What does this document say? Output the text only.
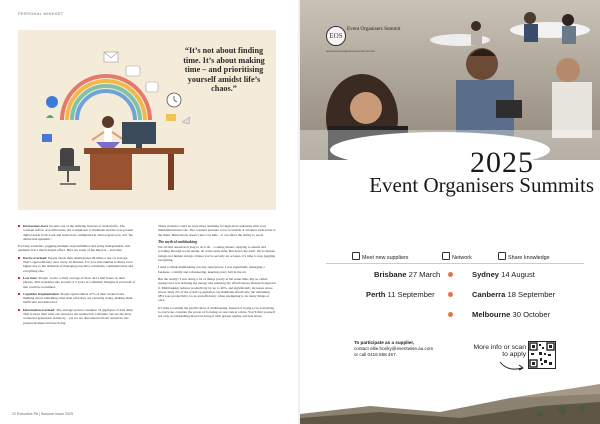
PERSONAL MINDSET
“It’s not about finding time. It’s about making time – and prioritising yourself amidst life’s chaos.”

Distractions have become one of the defining features of modern life. The constant inflow of notifications, the compulsion to multitask and the ever-present digital needs from work and home have culminated in what experts now call ‘the distraction epidemic’.

For busy assistants, juggling multiple responsibilities and being indispensable, this epidemic has a much deeper effect. Here are some of the impacts – and stats:

Device overload: People check their smartphones 96 times a day on average. That’s approximately once every 10 minutes. For you, this number is likely even higher due to the demands of managing executive schedules, communication and everything else.
Lost time: People ‘waste’ a daily average of three and a half hours on their phones. This translates into around 11.5 years in a lifetime! Imagine if even half of that could be reclaimed.
Cognitive fragmentation: People spend almost 47% of their awake hours thinking about something other than what they are currently doing, making them inefficient and distracted.
Information overload: The average person consumes 74 gigabytes of data daily. That is more than what our ancestors encountered in a lifetime. We are the most connected generation in history – yet we are disconnected from ourselves, the present moment and true living.

These statistics could be even more alarming for high-level assistants with your multidimensional role. The constant pressure to be accessible at all times adds stress to the mind. Distractions doesn’t just cost time – it can affect the ability to excel.

The myth of multitasking

We all find ourselves trying to do it all – cooking dinner, replying to emails and scrolling through social media, all at the same time. But here’s the truth. We’re human beings, not human doings. Unless you’re secretly an octopus, it’s time to stop juggling everything.

I used to think multitasking was my superpower. I was supermum; managing a business, a family and volunteering, keeping every ball in the air.

But the reality? I was doing a lot of things poorly at the same time. My so-called superpower was draining my energy and reducing my effectiveness. Research supports it. Multitasking reduces productivity by up to 40%, and significantly increases stress levels. Only 2% of the world’s population can multitask effectively; the remaining 98% lose productivity, focus and efficiency when attempting to do many things at once.

It’s time to rethink the glorification of multitasking. Instead of trying to be everything to everyone, consider the power of focusing on one task at a time. You’ll find yourself not only accomplishing more but doing it with greater quality and less stress.

22 Executive PA | Summer Issue 2025
EOS
Event Organisers Summit
www.eventorganiserssummit.com.au
2025
Event Organisers Summits
Meet new suppliers	Network	Share knowledge
Brisbane 27 March	Sydney 14 August
Perth 11 September	Canberra 18 September
Melbourne 30 October
To participate as a supplier,
contact ellie.honky@eventwise.au.com
or call 0416 558 457.
More info or scan to apply
